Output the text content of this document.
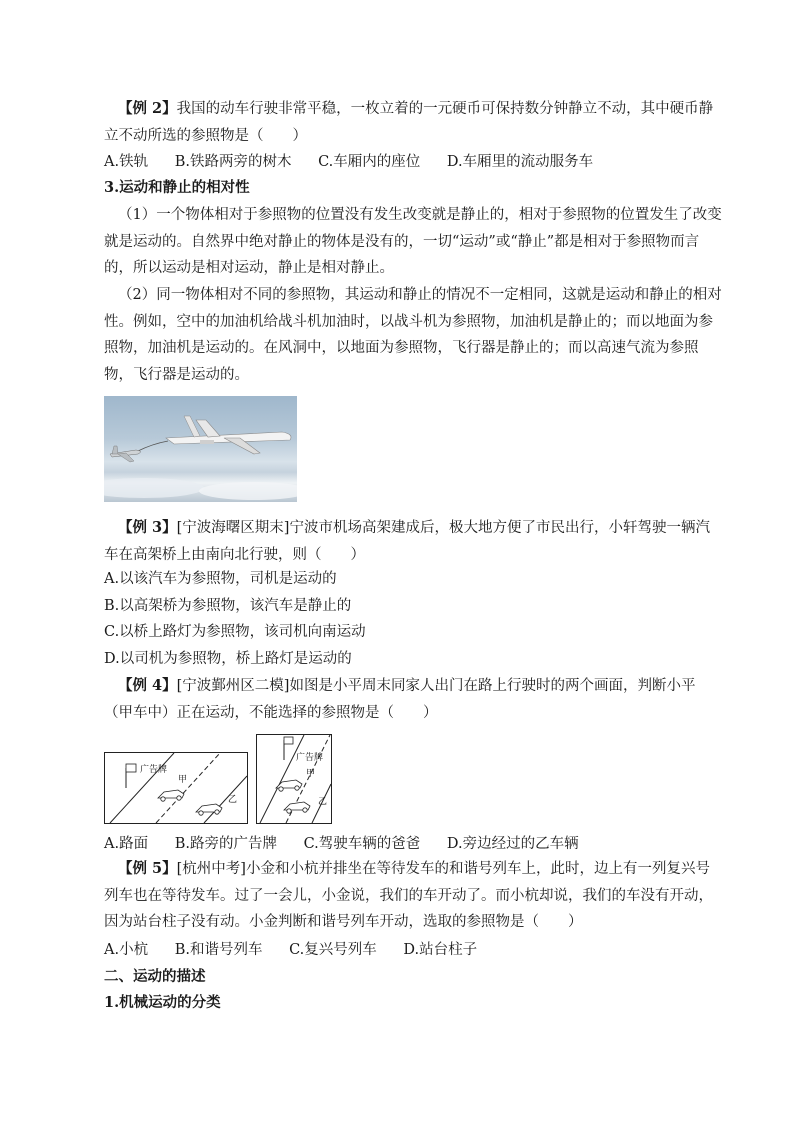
【例 2】我国的动车行驶非常平稳，一枚立着的一元硬币可保持数分钟静立不动，其中硬币静立不动所选的参照物是（　　）

A.铁轨 B.铁路两旁的树木 C.车厢内的座位 D.车厢里的流动服务车
3.运动和静止的相对性

（1）一个物体相对于参照物的位置没有发生改变就是静止的，相对于参照物的位置发生了改变就是运动的。自然界中绝对静止的物体是没有的，一切“运动”或“静止”都是相对于参照物而言的，所以运动是相对运动，静止是相对静止。

（2）同一物体相对不同的参照物，其运动和静止的情况不一定相同，这就是运动和静止的相对性。例如，空中的加油机给战斗机加油时，以战斗机为参照物，加油机是静止的；而以地面为参照物，加油机是运动的。在风洞中，以地面为参照物，飞行器是静止的；而以高速气流为参照物，飞行器是运动的。

【例 3】[宁波海曙区期末]宁波市机场高架建成后，极大地方便了市民出行，小轩驾驶一辆汽车在高架桥上由南向北行驶，则（　　）

A.以该汽车为参照物，司机是运动的
B.以高架桥为参照物，该汽车是静止的
C.以桥上路灯为参照物，该司机向南运动
D.以司机为参照物，桥上路灯是运动的

【例 4】[宁波鄞州区二模]如图是小平周末同家人出门在路上行驶时的两个画面，判断小平（甲车中）正在运动，不能选择的参照物是（　　）

广告牌
甲
乙
广告牌
甲
乙
A.路面 B.路旁的广告牌 C.驾驶车辆的爸爸 D.旁边经过的乙车辆

【例 5】[杭州中考]小金和小杭并排坐在等待发车的和谐号列车上，此时，边上有一列复兴号列车也在等待发车。过了一会儿，小金说，我们的车开动了。而小杭却说，我们的车没有开动，因为站台柱子没有动。小金判断和谐号列车开动，选取的参照物是（　　）

A.小杭 B.和谐号列车 C.复兴号列车 D.站台柱子
二、运动的描述
1.机械运动的分类
